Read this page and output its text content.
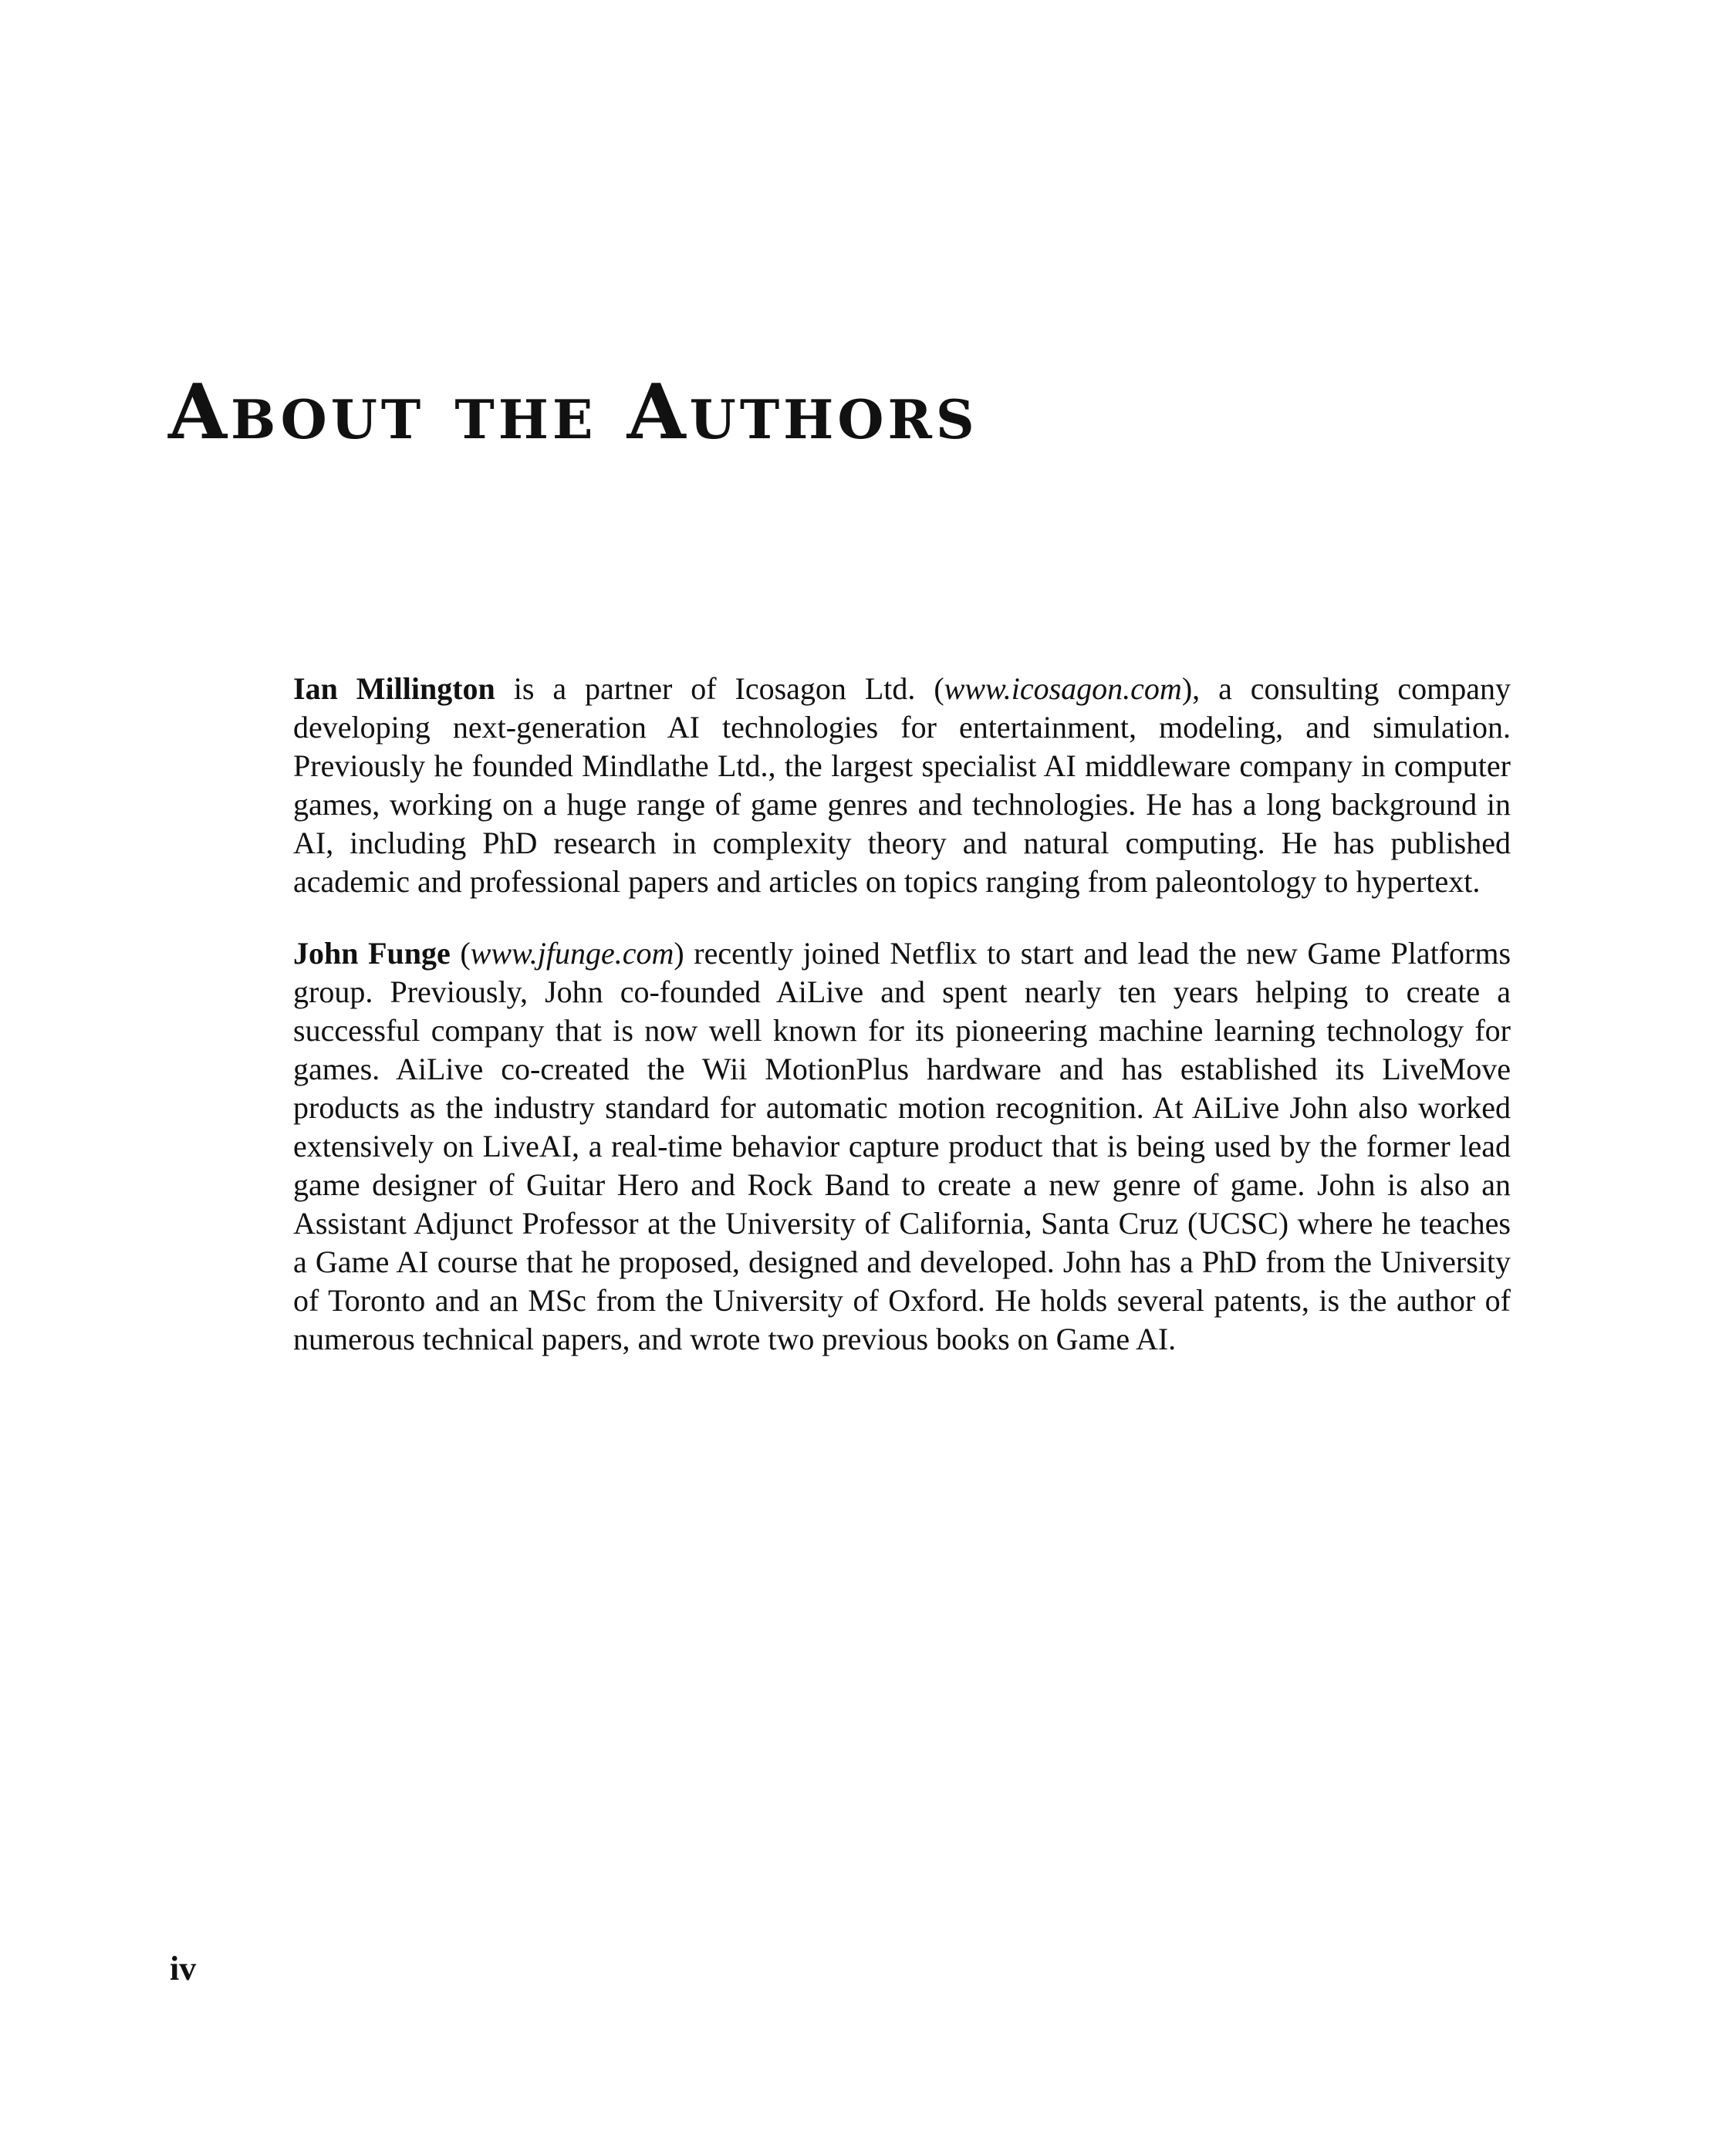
About the Authors

Ian Millington is a partner of Icosagon Ltd. (www.icosagon.com), a consulting company developing next-generation AI technologies for entertainment, modeling, and simulation. Previously he founded Mindlathe Ltd., the largest specialist AI middleware company in computer games, working on a huge range of game genres and technologies. He has a long background in AI, including PhD research in complexity theory and natural computing. He has published academic and professional papers and articles on topics ranging from paleontology to hypertext.

John Funge (www.jfunge.com) recently joined Netflix to start and lead the new Game Platforms group. Previously, John co-founded AiLive and spent nearly ten years helping to create a successful company that is now well known for its pioneering machine learning technology for games. AiLive co-created the Wii MotionPlus hardware and has established its LiveMove products as the industry standard for automatic motion recognition. At AiLive John also worked extensively on LiveAI, a real-time behavior capture product that is being used by the former lead game designer of Guitar Hero and Rock Band to create a new genre of game. John is also an Assistant Adjunct Professor at the University of California, Santa Cruz (UCSC) where he teaches a Game AI course that he proposed, designed and developed. John has a PhD from the University of Toronto and an MSc from the University of Oxford. He holds several patents, is the author of numerous technical papers, and wrote two previous books on Game AI.

iv
